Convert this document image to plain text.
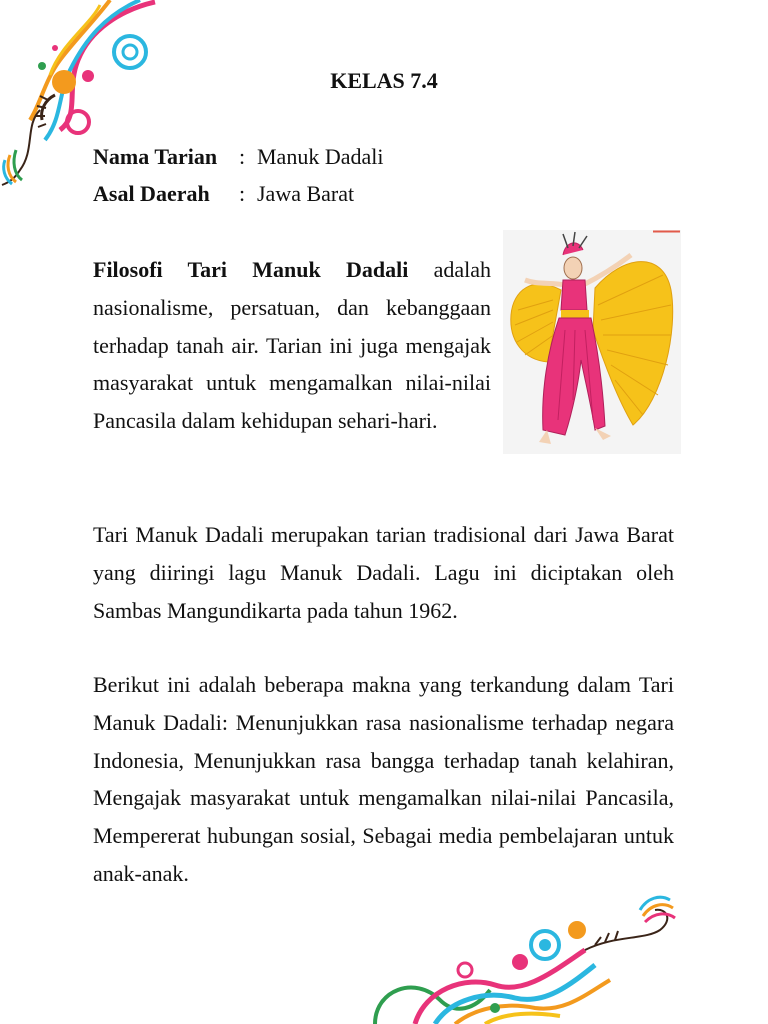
KELAS 7.4
Nama Tarian : Manuk Dadali
Asal Daerah	: Jawa Barat

Filosofi Tari Manuk Dadali adalah nasionalisme, persatuan, dan kebanggaan terhadap tanah air. Tarian ini juga mengajak masyarakat untuk mengamalkan nilai-nilai Pancasila dalam kehidupan sehari-hari.

Tari Manuk Dadali merupakan tarian tradisional dari Jawa Barat yang diiringi lagu Manuk Dadali. Lagu ini diciptakan oleh Sambas Mangundikarta pada tahun 1962.

Berikut ini adalah beberapa makna yang terkandung dalam Tari Manuk Dadali: Menunjukkan rasa nasionalisme terhadap negara Indonesia, Menunjukkan rasa bangga terhadap tanah kelahiran, Mengajak masyarakat untuk mengamalkan nilai-nilai Pancasila, Mempererat hubungan sosial, Sebagai media pembelajaran untuk anak-anak.
